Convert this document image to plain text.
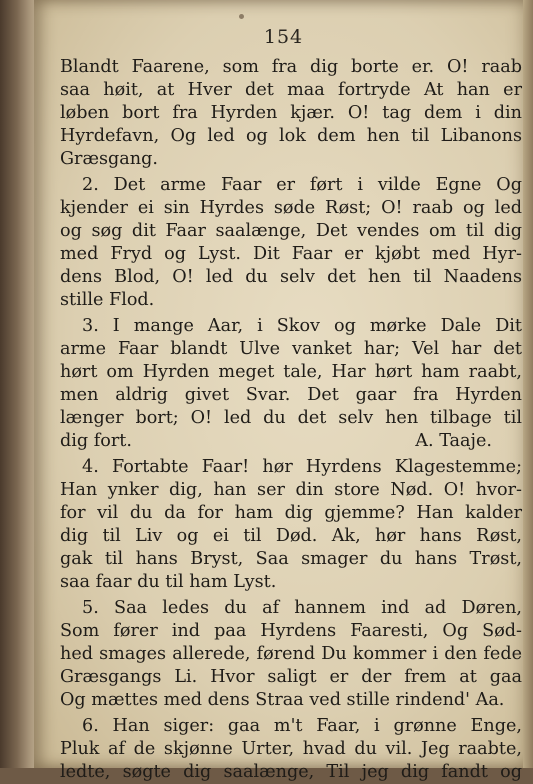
154
Blandt Faarene, som fra dig borte er. O! raab
saa høit, at Hver det maa fortryde At han er
løben bort fra Hyrden kjær. O! tag dem i din
Hyrdefavn, Og led og lok dem hen til Libanons
Græsgang.
2. Det arme Faar er ført i vilde Egne Og
kjender ei sin Hyrdes søde Røst; O! raab og led
og søg dit Faar saalænge, Det vendes om til dig
med Fryd og Lyst. Dit Faar er kjøbt med Hyr-
dens Blod, O! led du selv det hen til Naadens
stille Flod.
3. I mange Aar, i Skov og mørke Dale Dit
arme Faar blandt Ulve vanket har; Vel har det
hørt om Hyrden meget tale, Har hørt ham raabt,
men aldrig givet Svar. Det gaar fra Hyrden
længer bort; O! led du det selv hen tilbage til
dig fort.	A. Taaje.
4. Fortabte Faar! hør Hyrdens Klagestemme;
Han ynker dig, han ser din store Nød. O! hvor-
for vil du da for ham dig gjemme? Han kalder
dig til Liv og ei til Død. Ak, hør hans Røst,
gak til hans Bryst, Saa smager du hans Trøst,
saa faar du til ham Lyst.
5. Saa ledes du af hannem ind ad Døren,
Som fører ind paa Hyrdens Faaresti, Og Sød-
hed smages allerede, førend Du kommer i den fede
Græsgangs Li. Hvor saligt er der frem at gaa
Og mættes med dens Straa ved stille rindend' Aa.
6. Han siger: gaa m't Faar, i grønne Enge,
Pluk af de skjønne Urter, hvad du vil. Jeg raabte,
ledte, søgte dig saalænge, Til jeg dig fandt og
